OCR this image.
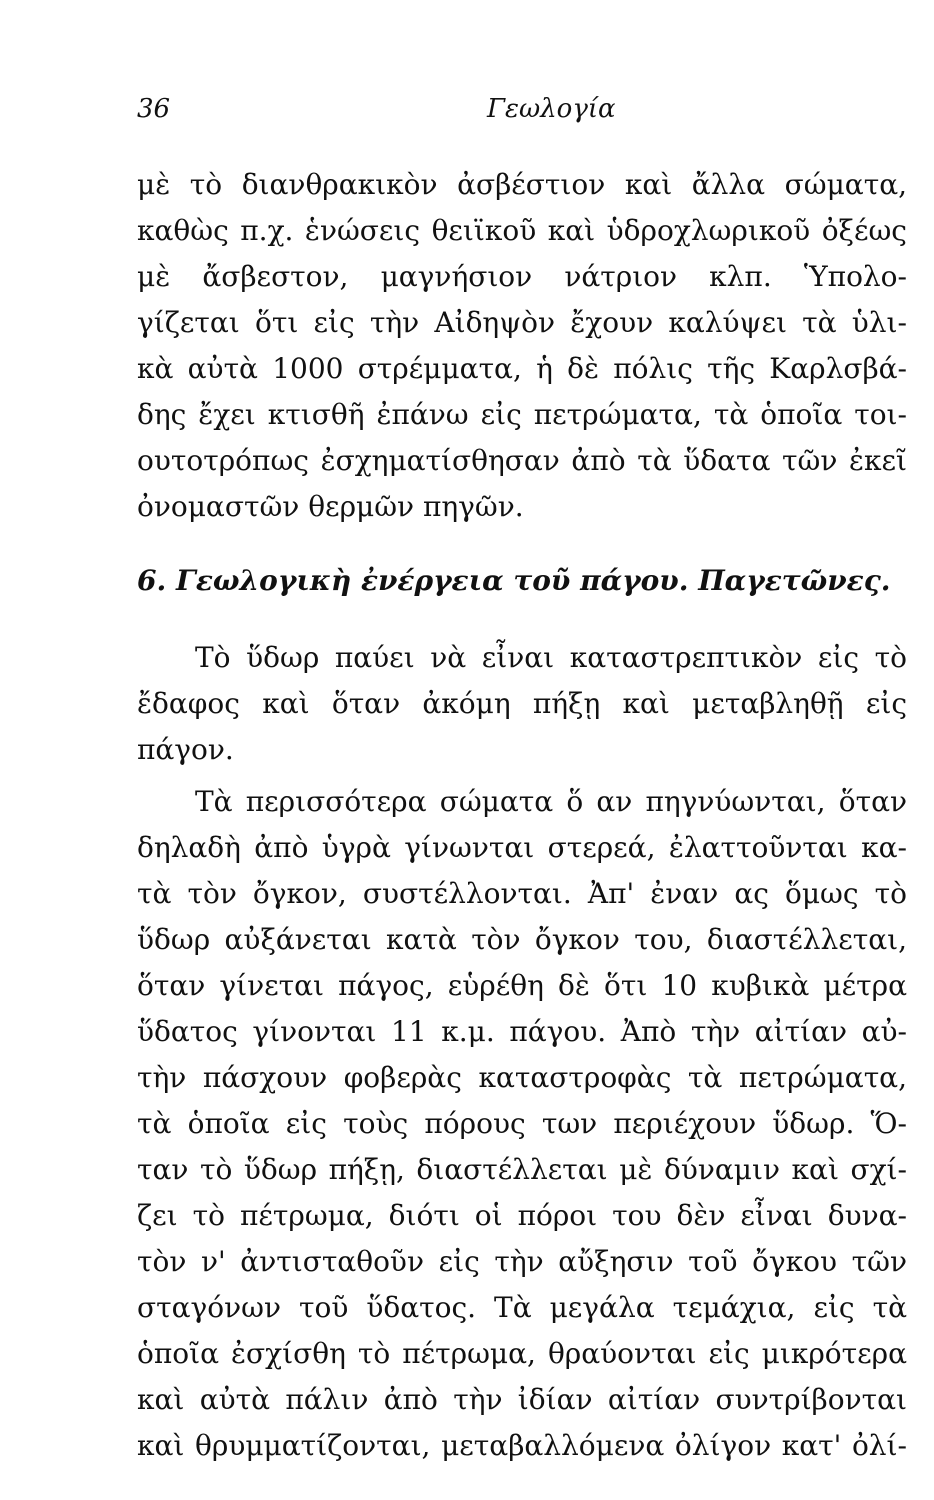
36	Γεωλογία
μὲ τὸ διανθρακικὸν ἀσβέστιον καὶ ἄλλα σώματα,
καθὼς π.χ. ἑνώσεις θειϊκοῦ καὶ ὑδροχλωρικοῦ ὀξέως
μὲ ἄσβεστον, μαγνήσιον νάτριον κλπ. Ὑπολο-
γίζεται ὅτι εἰς τὴν Αἰδηψὸν ἔχουν καλύψει τὰ ὑλι-
κὰ αὐτὰ 1000 στρέμματα, ἡ δὲ πόλις τῆς Καρλσβά-
δης ἔχει κτισθῆ ἐπάνω εἰς πετρώματα, τὰ ὁποῖα τοι-
ουτοτρόπως ἐσχηματίσθησαν ἀπὸ τὰ ὕδατα τῶν ἐκεῖ
ὀνομαστῶν θερμῶν πηγῶν.
6. Γεωλογικὴ ἐνέργεια τοῦ πάγου. Παγετῶνες.
Τὸ ὕδωρ παύει νὰ εἶναι καταστρεπτικὸν εἰς τὸ
ἔδαφος καὶ ὅταν ἀκόμη πήξῃ καὶ μεταβληθῇ εἰς
πάγον.
Τὰ περισσότερα σώματα ὅ αν πηγνύωνται, ὅταν
δηλαδὴ ἀπὸ ὑγρὰ γίνωνται στερεά, ἐλαττοῦνται κα-
τὰ τὸν ὄγκον, συστέλλονται. Ἀπ' ἐναν ας ὅμως τὸ
ὕδωρ αὐξάνεται κατὰ τὸν ὄγκον του, διαστέλλεται,
ὅταν γίνεται πάγος, εὑρέθη δὲ ὅτι 10 κυβικὰ μέτρα
ὕδατος γίνονται 11 κ.μ. πάγου. Ἀπὸ τὴν αἰτίαν αὐ-
τὴν πάσχουν φοβερὰς καταστροφὰς τὰ πετρώματα,
τὰ ὁποῖα εἰς τοὺς πόρους των περιέχουν ὕδωρ. Ὅ-
ταν τὸ ὕδωρ πήξῃ, διαστέλλεται μὲ δύναμιν καὶ σχί-
ζει τὸ πέτρωμα, διότι οἱ πόροι του δὲν εἶναι δυνα-
τὸν ν' ἀντισταθοῦν εἰς τὴν αὔξησιν τοῦ ὄγκου τῶν
σταγόνων τοῦ ὕδατος. Τὰ μεγάλα τεμάχια, εἰς τὰ
ὁποῖα ἐσχίσθη τὸ πέτρωμα, θραύονται εἰς μικρότερα
καὶ αὐτὰ πάλιν ἀπὸ τὴν ἰδίαν αἰτίαν συντρίβονται
καὶ θρυμματίζονται, μεταβαλλόμενα ὀλίγον κατ' ὀλί-
